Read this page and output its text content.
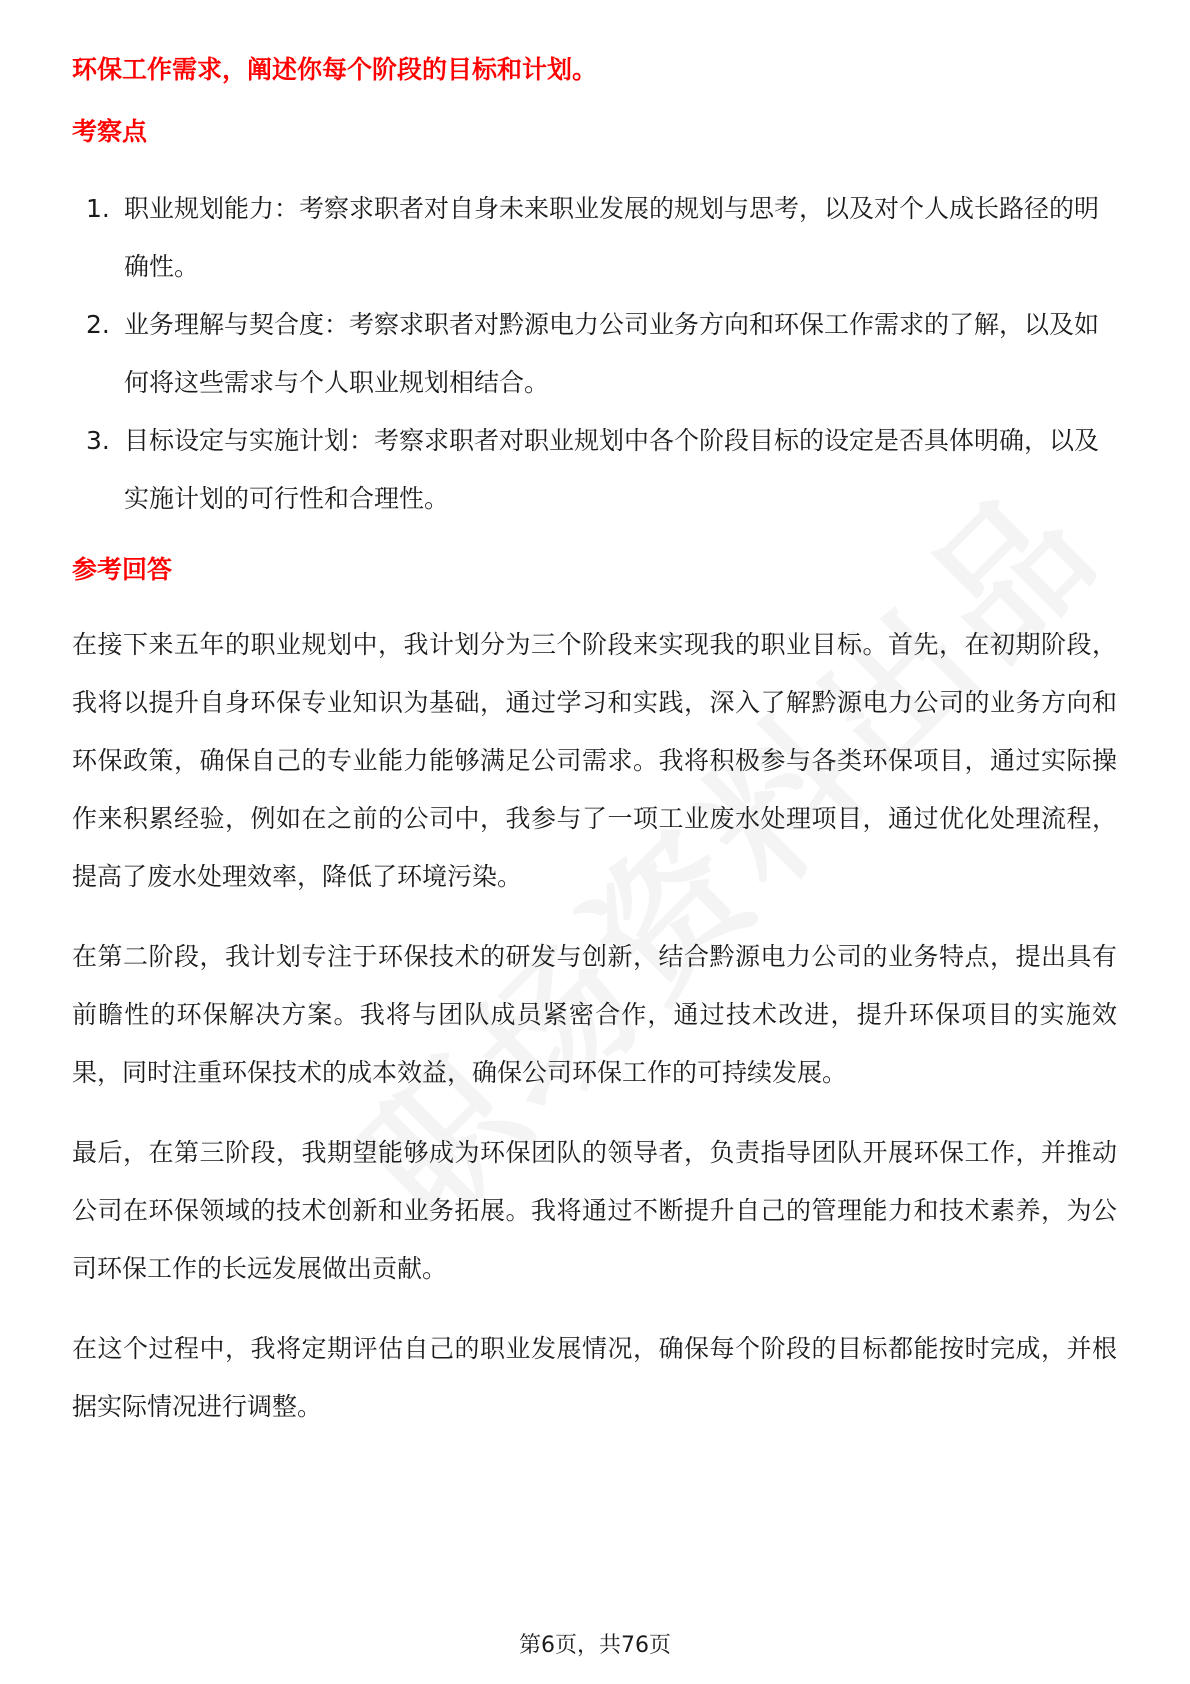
环保工作需求，阐述你每个阶段的目标和计划。

考察点

1. 职业规划能力：考察求职者对自身未来职业发展的规划与思考，以及对个人成长路径的明确性。
2. 业务理解与契合度：考察求职者对黔源电力公司业务方向和环保工作需求的了解，以及如何将这些需求与个人职业规划相结合。
3. 目标设定与实施计划：考察求职者对职业规划中各个阶段目标的设定是否具体明确，以及实施计划的可行性和合理性。

参考回答

在接下来五年的职业规划中，我计划分为三个阶段来实现我的职业目标。首先，在初期阶段，我将以提升自身环保专业知识为基础，通过学习和实践，深入了解黔源电力公司的业务方向和环保政策，确保自己的专业能力能够满足公司需求。我将积极参与各类环保项目，通过实际操作来积累经验，例如在之前的公司中，我参与了一项工业废水处理项目，通过优化处理流程，提高了废水处理效率，降低了环境污染。

在第二阶段，我计划专注于环保技术的研发与创新，结合黔源电力公司的业务特点，提出具有前瞻性的环保解决方案。我将与团队成员紧密合作，通过技术改进，提升环保项目的实施效果，同时注重环保技术的成本效益，确保公司环保工作的可持续发展。

最后，在第三阶段，我期望能够成为环保团队的领导者，负责指导团队开展环保工作，并推动公司在环保领域的技术创新和业务拓展。我将通过不断提升自己的管理能力和技术素养，为公司环保工作的长远发展做出贡献。

在这个过程中，我将定期评估自己的职业发展情况，确保每个阶段的目标都能按时完成，并根据实际情况进行调整。

第6页，共76页
